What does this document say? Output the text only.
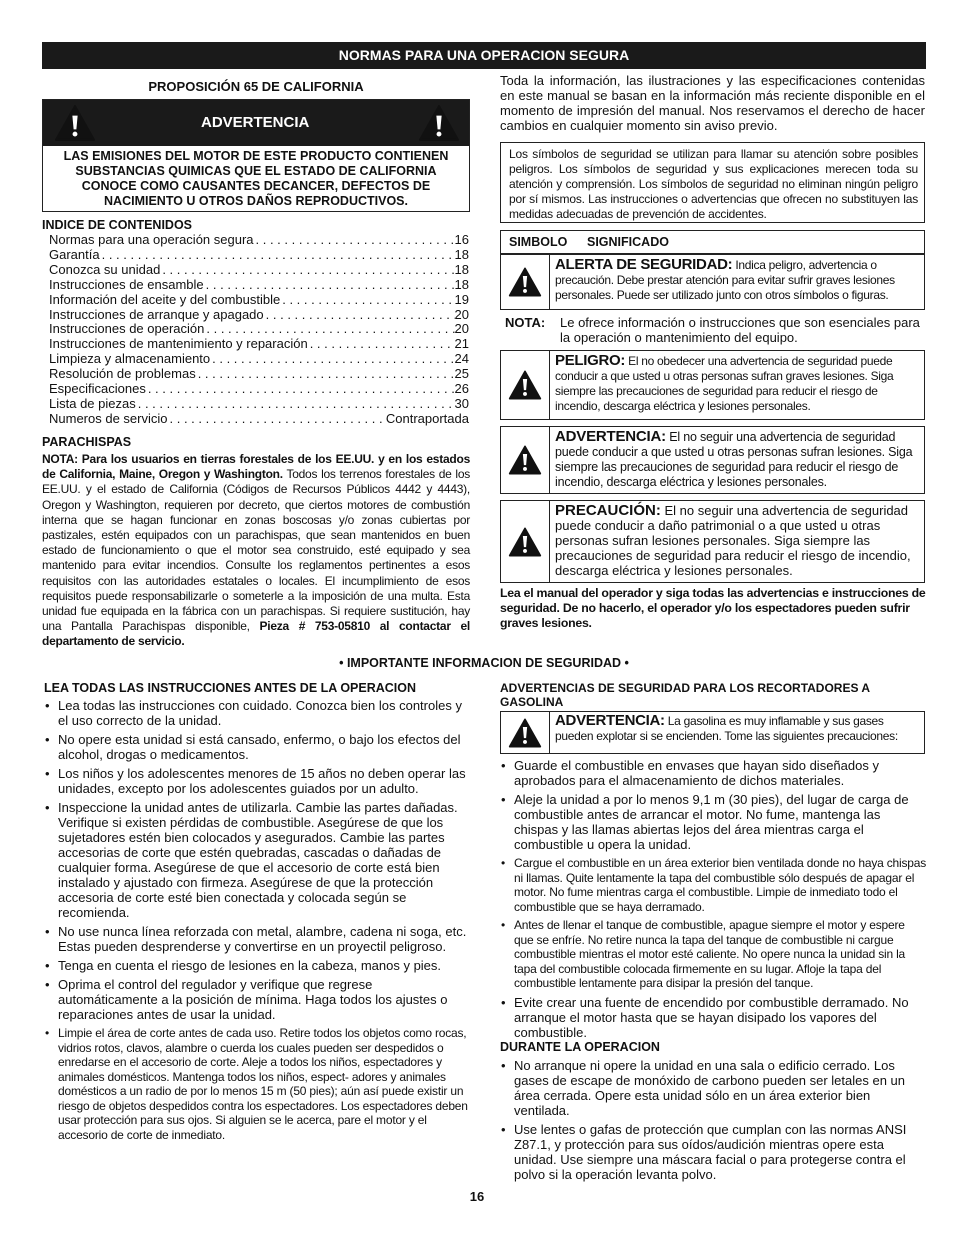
NORMAS PARA UNA OPERACION SEGURA
PROPOSICIÓN 65 DE CALIFORNIA
ADVERTENCIA
LAS EMISIONES DEL MOTOR DE ESTE PRODUCTO CONTIENEN SUBSTANCIAS QUIMICAS QUE EL ESTADO DE CALIFORNIA CONOCE COMO CAUSANTES DECANCER, DEFECTOS DE NACIMIENTO U OTROS DAÑOS REPRODUCTIVOS.
INDICE DE CONTENIDOS
Normas para una operación segura . . .	16
Garantía . . .	18
Conozca su unidad . . .	18
Instrucciones de ensamble . . .	18
Información del aceite y del combustible . . .	19
Instrucciones de arranque y apagado . . .	20
Instrucciones de operación . . .	20
Instrucciones de mantenimiento y reparación . . .	21
Limpieza y almacenamiento . . .	24
Resolución de problemas . . .	25
Especificaciones . . .	26
Lista de piezas . . .	30
Numeros de servicio . . .	Contraportada
PARACHISPAS
NOTA: Para los usuarios en tierras forestales de los EE.UU. y en los estados de California, Maine, Oregon y Washington. Todos los terrenos forestales de los EE.UU. y el estado de California (Códigos de Recursos Públicos 4442 y 4443), Oregon y Washington, requieren por decreto, que ciertos motores de combustión interna que se hagan funcionar en zonas boscosas y/o zonas cubiertas por pastizales, estén equipados con un parachispas, que sean mantenidos en buen estado de funcionamiento o que el motor sea construido, esté equipado y sea mantenido para evitar incendios. Consulte los reglamentos pertinentes a esos requisitos con las autoridades estatales o locales. El incumplimiento de esos requisitos puede responsabilizarle o someterle a la imposición de una multa. Esta unidad fue equipada en la fábrica con un parachispas. Si requiere sustitución, hay una Pantalla Parachispas disponible, Pieza # 753-05810 al contactar el departamento de servicio.
Toda la información, las ilustraciones y las especificaciones contenidas en este manual se basan en la información más reciente disponible en el momento de impresión del manual. Nos reservamos el derecho de hacer cambios en cualquier momento sin aviso previo.
Los símbolos de seguridad se utilizan para llamar su atención sobre posibles peligros. Los símbolos de seguridad y sus explicaciones merecen toda su atención y comprensión. Los símbolos de seguridad no eliminan ningún peligro por sí mismos. Las instrucciones o advertencias que ofrecen no substituyen las medidas adecuadas de prevención de accidentes.
SIMBOLO SIGNIFICADO
ALERTA DE SEGURIDAD: Indica peligro, advertencia o precaución. Debe prestar atención para evitar sufrir graves lesiones personales. Puede ser utilizado junto con otros símbolos o figuras.
NOTA: Le ofrece información o instrucciones que son esenciales para la operación o mantenimiento del equipo.
PELIGRO: El no obedecer una advertencia de seguridad puede conducir a que usted u otras personas sufran graves lesiones. Siga siempre las precauciones de seguridad para reducir el riesgo de incendio, descarga eléctrica y lesiones personales.
ADVERTENCIA: El no seguir una advertencia de seguridad puede conducir a que usted u otras personas sufran lesiones. Siga siempre las precauciones de seguridad para reducir el riesgo de incendio, descarga eléctrica y lesiones personales.
PRECAUCIÓN: El no seguir una advertencia de seguridad puede conducir a daño patrimonial o a que usted u otras personas sufran lesiones personales. Siga siempre las precauciones de seguridad para reducir el riesgo de incendio, descarga eléctrica y lesiones personales.
Lea el manual del operador y siga todas las advertencias e instrucciones de seguridad. De no hacerlo, el operador y/o los espectadores pueden sufrir graves lesiones.
• IMPORTANTE INFORMACION DE SEGURIDAD •
LEA TODAS LAS INSTRUCCIONES ANTES DE LA OPERACION
• Lea todas las instrucciones con cuidado. Conozca bien los controles y el uso correcto de la unidad.
• No opere esta unidad si está cansado, enfermo, o bajo los efectos del alcohol, drogas o medicamentos.
• Los niños y los adolescentes menores de 15 años no deben operar las unidades, excepto por los adolescentes guiados por un adulto.
• Inspeccione la unidad antes de utilizarla. Cambie las partes dañadas. Verifique si existen pérdidas de combustible. Asegúrese de que los sujetadores estén bien colocados y asegurados. Cambie las partes accesorias de corte que estén quebradas, cascadas o dañadas de cualquier forma. Asegúrese de que el accesorio de corte está bien instalado y ajustado con firmeza. Asegúrese de que la protección accesoria de corte esté bien conectada y colocada según se recomienda.
• No use nunca línea reforzada con metal, alambre, cadena ni soga, etc. Estas pueden desprenderse y convertirse en un proyectil peligroso.
• Tenga en cuenta el riesgo de lesiones en la cabeza, manos y pies.
• Oprima el control del regulador y verifique que regrese automáticamente a la posición de mínima. Haga todos los ajustes o reparaciones antes de usar la unidad.
• Limpie el área de corte antes de cada uso. Retire todos los objetos como rocas, vidrios rotos, clavos, alambre o cuerda los cuales pueden ser despedidos o enredarse en el accesorio de corte. Aleje a todos los niños, espectadores y animales domésticos. Mantenga todos los niños, espect- adores y animales domésticos a un radio de por lo menos 15 m (50 pies); aún así puede existir un riesgo de objetos despedidos contra los espectadores. Los espectadores deben usar protección para sus ojos. Si alguien se le acerca, pare el motor y el accesorio de corte de inmediato.
ADVERTENCIAS DE SEGURIDAD PARA LOS RECORTADORES A GASOLINA
ADVERTENCIA: La gasolina es muy inflamable y sus gases pueden explotar si se encienden. Tome las siguientes precauciones:
• Guarde el combustible en envases que hayan sido diseñados y aprobados para el almacenamiento de dichos materiales.
• Aleje la unidad a por lo menos 9,1 m (30 pies), del lugar de carga de combustible antes de arrancar el motor. No fume, mantenga las chispas y las llamas abiertas lejos del área mientras carga el combustible u opera la unidad.
• Cargue el combustible en un área exterior bien ventilada donde no haya chispas ni llamas. Quite lentamente la tapa del combustible sólo después de apagar el motor. No fume mientras carga el combustible. Limpie de inmediato todo el combustible que se haya derramado.
• Antes de llenar el tanque de combustible, apague siempre el motor y espere que se enfríe. No retire nunca la tapa del tanque de combustible ni cargue combustible mientras el motor esté caliente. No opere nunca la unidad sin la tapa del combustible colocada firmemente en su lugar. Afloje la tapa del combustible lentamente para disipar la presión del tanque.
• Evite crear una fuente de encendido por combustible derramado. No arranque el motor hasta que se hayan disipado los vapores del combustible.
DURANTE LA OPERACION
• No arranque ni opere la unidad en una sala o edificio cerrado. Los gases de escape de monóxido de carbono pueden ser letales en un área cerrada. Opere esta unidad sólo en un área exterior bien ventilada.
• Use lentes o gafas de protección que cumplan con las normas ANSI Z87.1, y protección para sus oídos/audición mientras opere esta unidad. Use siempre una máscara facial o para protegerse contra el polvo si la operación levanta polvo.
16
